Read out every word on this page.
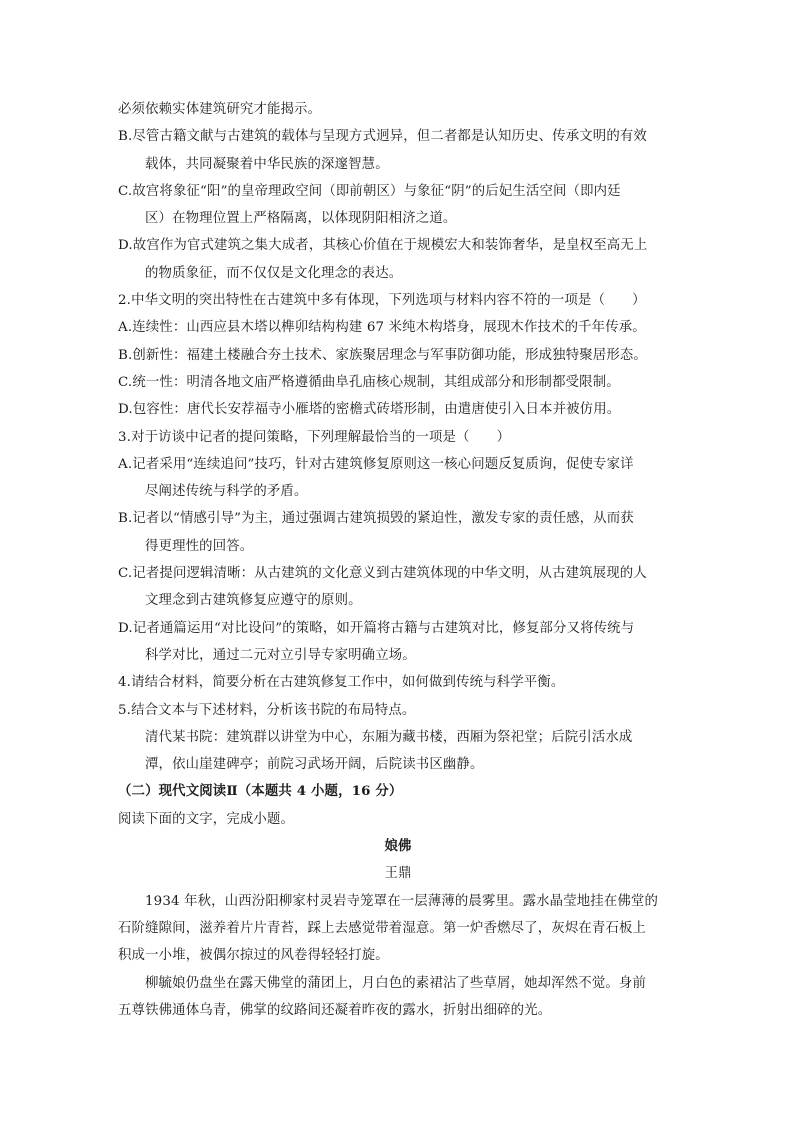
必须依赖实体建筑研究才能揭示。
B.尽管古籍文献与古建筑的载体与呈现方式迥异，但二者都是认知历史、传承文明的有效
载体，共同凝聚着中华民族的深邃智慧。
C.故宫将象征“阳”的皇帝理政空间（即前朝区）与象征“阴”的后妃生活空间（即内廷
区）在物理位置上严格隔离，以体现阴阳相济之道。
D.故宫作为官式建筑之集大成者，其核心价值在于规模宏大和装饰奢华，是皇权至高无上
的物质象征，而不仅仅是文化理念的表达。
2.中华文明的突出特性在古建筑中多有体现，下列选项与材料内容不符的一项是（　　）
A.连续性：山西应县木塔以榫卯结构构建 67 米纯木构塔身，展现木作技术的千年传承。
B.创新性：福建土楼融合夯土技术、家族聚居理念与军事防御功能，形成独特聚居形态。
C.统一性：明清各地文庙严格遵循曲阜孔庙核心规制，其组成部分和形制都受限制。
D.包容性：唐代长安荐福寺小雁塔的密檐式砖塔形制，由遣唐使引入日本并被仿用。
3.对于访谈中记者的提问策略，下列理解最恰当的一项是（　　）
A.记者采用“连续追问”技巧，针对古建筑修复原则这一核心问题反复质询，促使专家详
尽阐述传统与科学的矛盾。
B.记者以“情感引导”为主，通过强调古建筑损毁的紧迫性，激发专家的责任感，从而获
得更理性的回答。
C.记者提问逻辑清晰：从古建筑的文化意义到古建筑体现的中华文明，从古建筑展现的人
文理念到古建筑修复应遵守的原则。
D.记者通篇运用“对比设问”的策略，如开篇将古籍与古建筑对比，修复部分又将传统与
科学对比，通过二元对立引导专家明确立场。
4.请结合材料，简要分析在古建筑修复工作中，如何做到传统与科学平衡。
5.结合文本与下述材料，分析该书院的布局特点。
清代某书院：建筑群以讲堂为中心，东厢为藏书楼，西厢为祭祀堂；后院引活水成
潭，依山崖建碑亭；前院习武场开阔，后院读书区幽静。
（二）现代文阅读Ⅱ（本题共 4 小题，16 分）
阅读下面的文字，完成小题。
娘佛
王鼎
1934 年秋，山西汾阳柳家村灵岩寺笼罩在一层薄薄的晨雾里。露水晶莹地挂在佛堂的
石阶缝隙间，滋养着片片青苔，踩上去感觉带着湿意。第一炉香燃尽了，灰烬在青石板上
积成一小堆，被偶尔掠过的风卷得轻轻打旋。
柳毓娘仍盘坐在露天佛堂的蒲团上，月白色的素裙沾了些草屑，她却浑然不觉。身前
五尊铁佛通体乌青，佛掌的纹路间还凝着昨夜的露水，折射出细碎的光。
